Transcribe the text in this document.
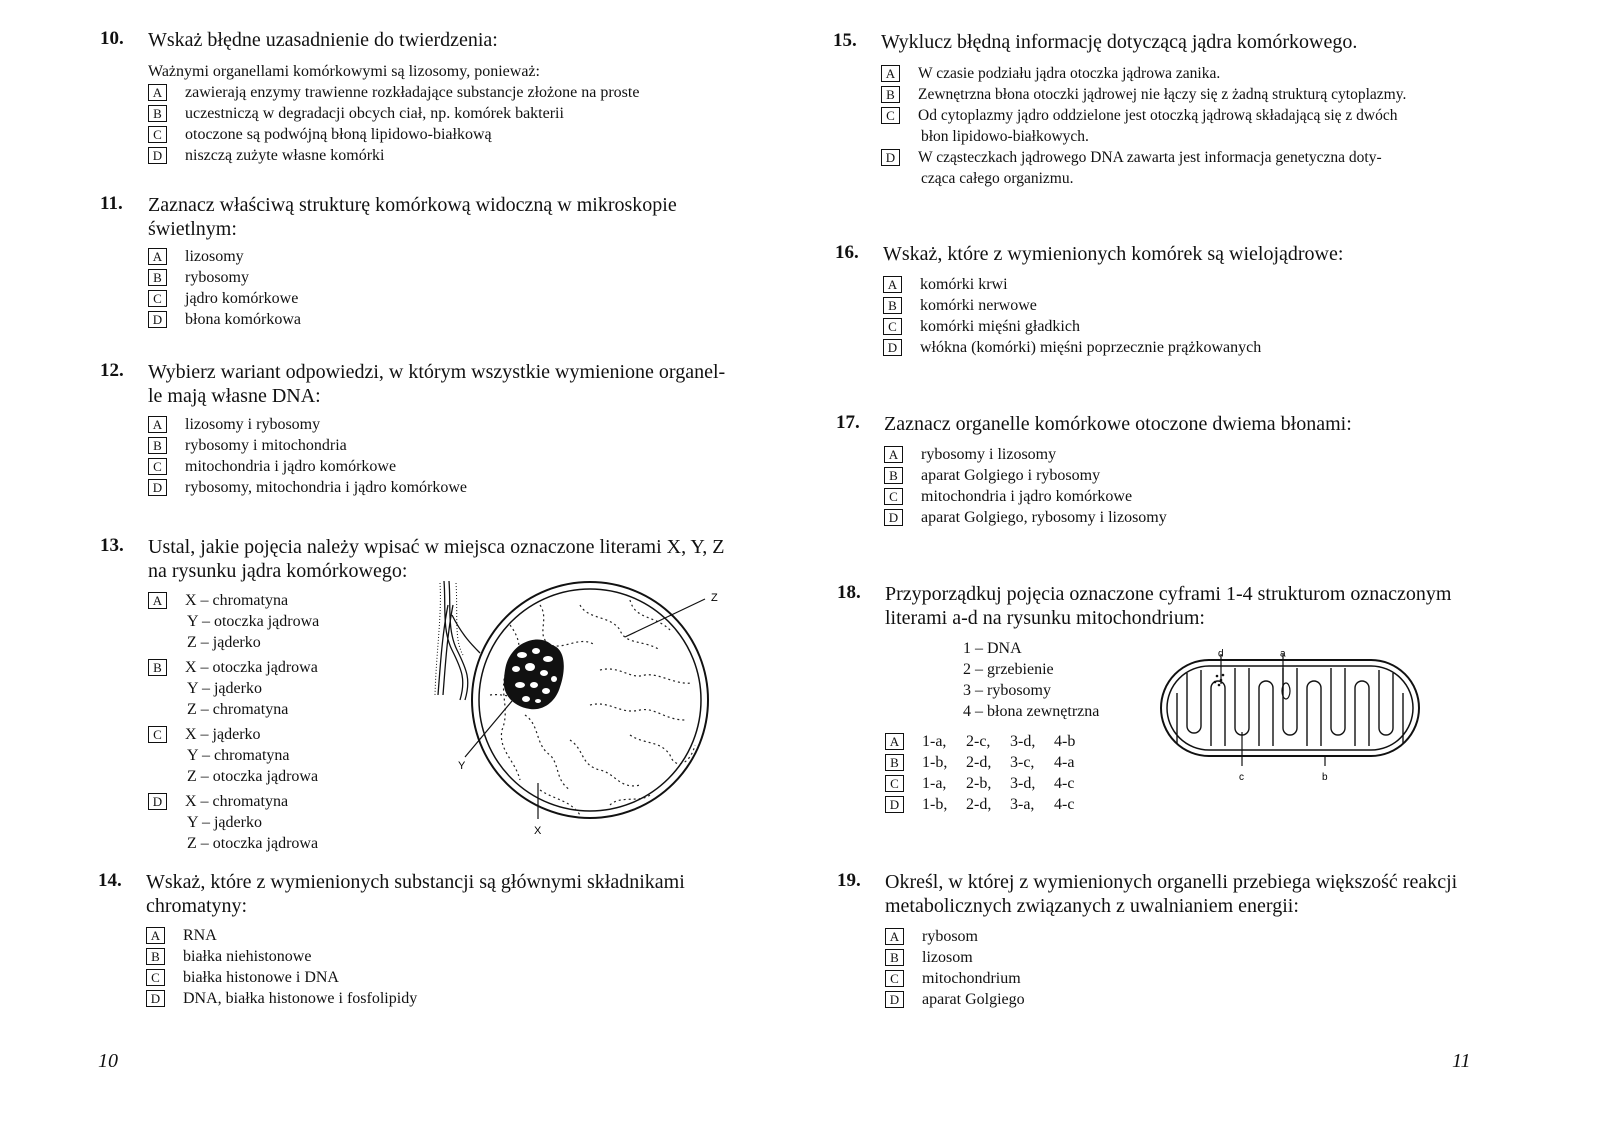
10. Wskaż błędne uzasadnienie do twierdzenia:
Ważnymi organellami komórkowymi są lizosomy, ponieważ:
A zawierają enzymy trawienne rozkładające substancje złożone na proste
B uczestniczą w degradacji obcych ciał, np. komórek bakterii
C otoczone są podwójną błoną lipidowo-białkową
D niszczą zużyte własne komórki
11. Zaznacz właściwą strukturę komórkową widoczną w mikroskopie
świetlnym:
A lizosomy
B rybosomy
C jądro komórkowe
D błona komórkowa
12. Wybierz wariant odpowiedzi, w którym wszystkie wymienione organel-
le mają własne DNA:
A lizosomy i rybosomy
B rybosomy i mitochondria
C mitochondria i jądro komórkowe
D rybosomy, mitochondria i jądro komórkowe
13. Ustal, jakie pojęcia należy wpisać w miejsca oznaczone literami X, Y, Z
na rysunku jądra komórkowego:
A X – chromatyna
Y – otoczka jądrowa
Z – jąderko
B X – otoczka jądrowa
Y – jąderko
Z – chromatyna
C X – jąderko
Y – chromatyna
Z – otoczka jądrowa
D X – chromatyna
Y – jąderko
Z – otoczka jądrowa
Z
Y
X
14. Wskaż, które z wymienionych substancji są głównymi składnikami
chromatyny:
A RNA
B białka niehistonowe
C białka histonowe i DNA
D DNA, białka histonowe i fosfolipidy
10
15. Wyklucz błędną informację dotyczącą jądra komórkowego.
A W czasie podziału jądra otoczka jądrowa zanika.
B Zewnętrzna błona otoczki jądrowej nie łączy się z żadną strukturą cytoplazmy.
C Od cytoplazmy jądro oddzielone jest otoczką jądrową składającą się z dwóch
błon lipidowo-białkowych.
D W cząsteczkach jądrowego DNA zawarta jest informacja genetyczna doty-
cząca całego organizmu.
16. Wskaż, które z wymienionych komórek są wielojądrowe:
A komórki krwi
B komórki nerwowe
C komórki mięśni gładkich
D włókna (komórki) mięśni poprzecznie prążkowanych
17. Zaznacz organelle komórkowe otoczone dwiema błonami:
A rybosomy i lizosomy
B aparat Golgiego i rybosomy
C mitochondria i jądro komórkowe
D aparat Golgiego, rybosomy i lizosomy
18. Przyporządkuj pojęcia oznaczone cyframi 1-4 strukturom oznaczonym
literami a-d na rysunku mitochondrium:
1 – DNA
2 – grzebienie
3 – rybosomy
4 – błona zewnętrzna
A 1-a, 2-c, 3-d, 4-b
B 1-b, 2-d, 3-c, 4-a
C 1-a, 2-b, 3-d, 4-c
D 1-b, 2-d, 3-a, 4-c
d	a
c	b
19. Określ, w której z wymienionych organelli przebiega większość reakcji
metabolicznych związanych z uwalnianiem energii:
A rybosom
B lizosom
C mitochondrium
D aparat Golgiego
11
